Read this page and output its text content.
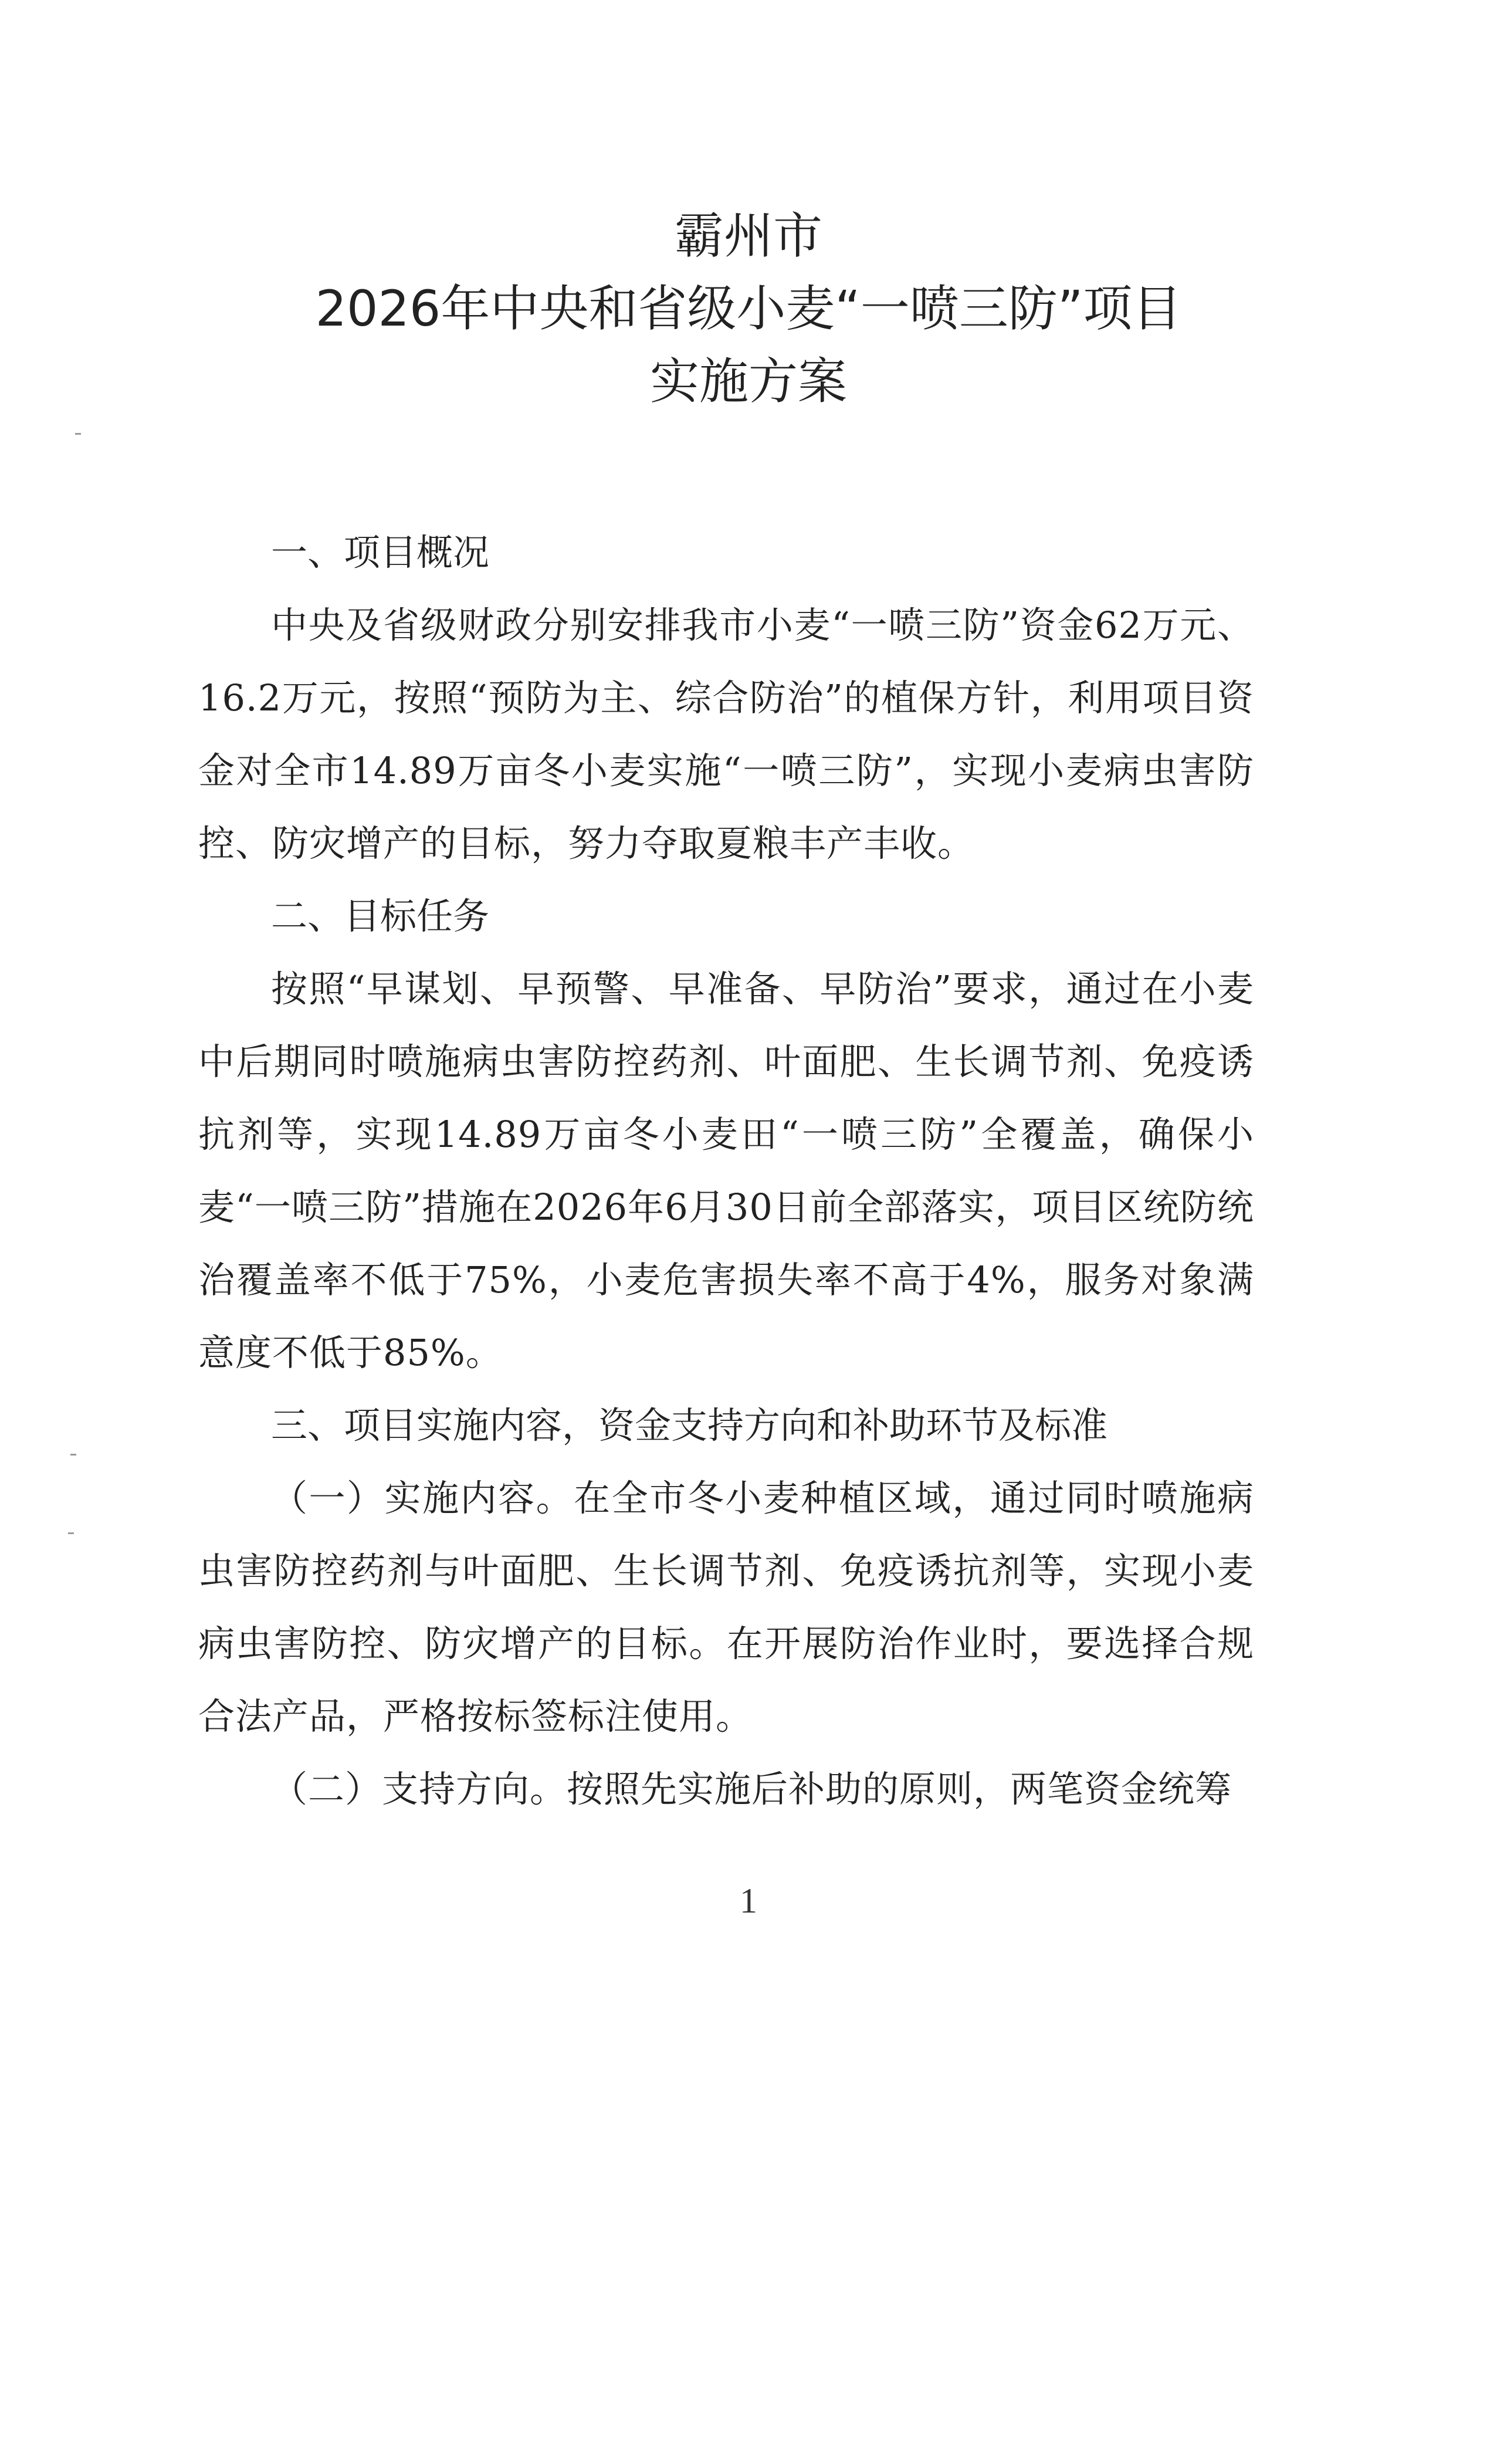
霸州市
2026年中央和省级小麦“一喷三防”项目
实施方案
一、项目概况
中央及省级财政分别安排我市小麦“一喷三防”资金62万元、16.2万元，按照“预防为主、综合防治”的植保方针，利用项目资金对全市14.89万亩冬小麦实施“一喷三防”，实现小麦病虫害防控、防灾增产的目标，努力夺取夏粮丰产丰收。
二、目标任务
按照“早谋划、早预警、早准备、早防治”要求，通过在小麦中后期同时喷施病虫害防控药剂、叶面肥、生长调节剂、免疫诱抗剂等，实现14.89万亩冬小麦田“一喷三防”全覆盖，确保小麦“一喷三防”措施在2026年6月30日前全部落实，项目区统防统治覆盖率不低于75%，小麦危害损失率不高于4%，服务对象满意度不低于85%。
三、项目实施内容，资金支持方向和补助环节及标准
（一）实施内容。在全市冬小麦种植区域，通过同时喷施病虫害防控药剂与叶面肥、生长调节剂、免疫诱抗剂等，实现小麦病虫害防控、防灾增产的目标。在开展防治作业时，要选择合规合法产品，严格按标签标注使用。
（二）支持方向。按照先实施后补助的原则，两笔资金统筹
1
